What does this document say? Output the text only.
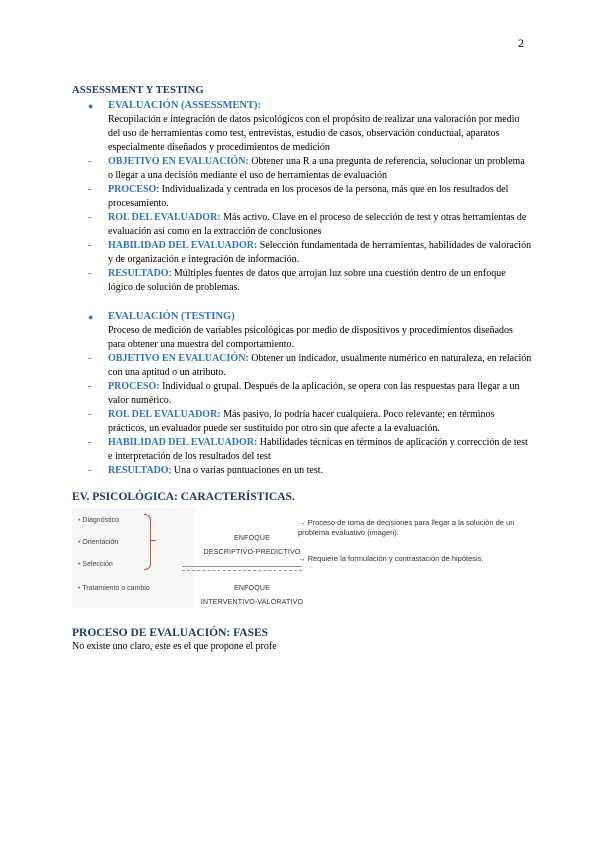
2
ASSESSMENT Y TESTING
● EVALUACIÓN (ASSESSMENT):
Recopilación e integración de datos psicológicos con el propósito de realizar una valoración por medio del uso de herramientas como test, entrevistas, estudio de casos, observación conductual, aparatos especialmente diseñados y procedimientos de medición
- OBJETIVO EN EVALUACIÓN: Obtener una R a una pregunta de referencia, solucionar un problema o llegar a una decisión mediante el uso de herramientas de evaluación
- PROCESO: Individualizada y centrada en los procesos de la persona, más que en los resultados del procesamiento.
- ROL DEL EVALUADOR: Más activo. Clave en el proceso de selección de test y otras herramientas de evaluación así como en la extracción de conclusiones
- HABILIDAD DEL EVALUADOR: Selección fundamentada de herramientas, habilidades de valoración y de organización e integración de información.
- RESULTADO: Múltiples fuentes de datos que arrojan luz sobre una cuestión dentro de un enfoque lógico de solución de problemas.
● EVALUACIÓN (TESTING)
Proceso de medición de variables psicológicas por medio de dispositivos y procedimientos diseñados para obtener una muestra del comportamiento.
- OBJETIVO EN EVALUACIÓN: Obtener un indicador, usualmente numérico en naturaleza, en relación con una aptitud o un atributo.
- PROCESO: Individual o grupal. Después de la aplicación, se opera con las respuestas para llegar a un valor numérico.
- ROL DEL EVALUADOR: Más pasivo, lo podría hacer cualquiera. Poco relevante; en términos prácticos, un evaluador puede ser sustituido por otro sin que afecte a la evaluación.
- HABILIDAD DEL EVALUADOR: Habilidades técnicas en términos de aplicación y corrección de test e interpretación de los resultados del test
- RESULTADO: Una o varias puntuaciones en un test.
EV. PSICOLÓGICA: CARACTERÍSTICAS.
• Diagnóstico
• Orientación
• Selección
• Tratamiento o cambio
ENFOQUE
DESCRIPTIVO-PREDICTIVO
ENFOQUE
INTERVENTIVO-VALORATIVO
→ Proceso de toma de decisiones para llegar a la solución de un problema evaluativo (imagen).
→ Requiere la formulación y contrastación de hipótesis.
PROCESO DE EVALUACIÓN: FASES
No existe uno claro, este es el que propone el profe
